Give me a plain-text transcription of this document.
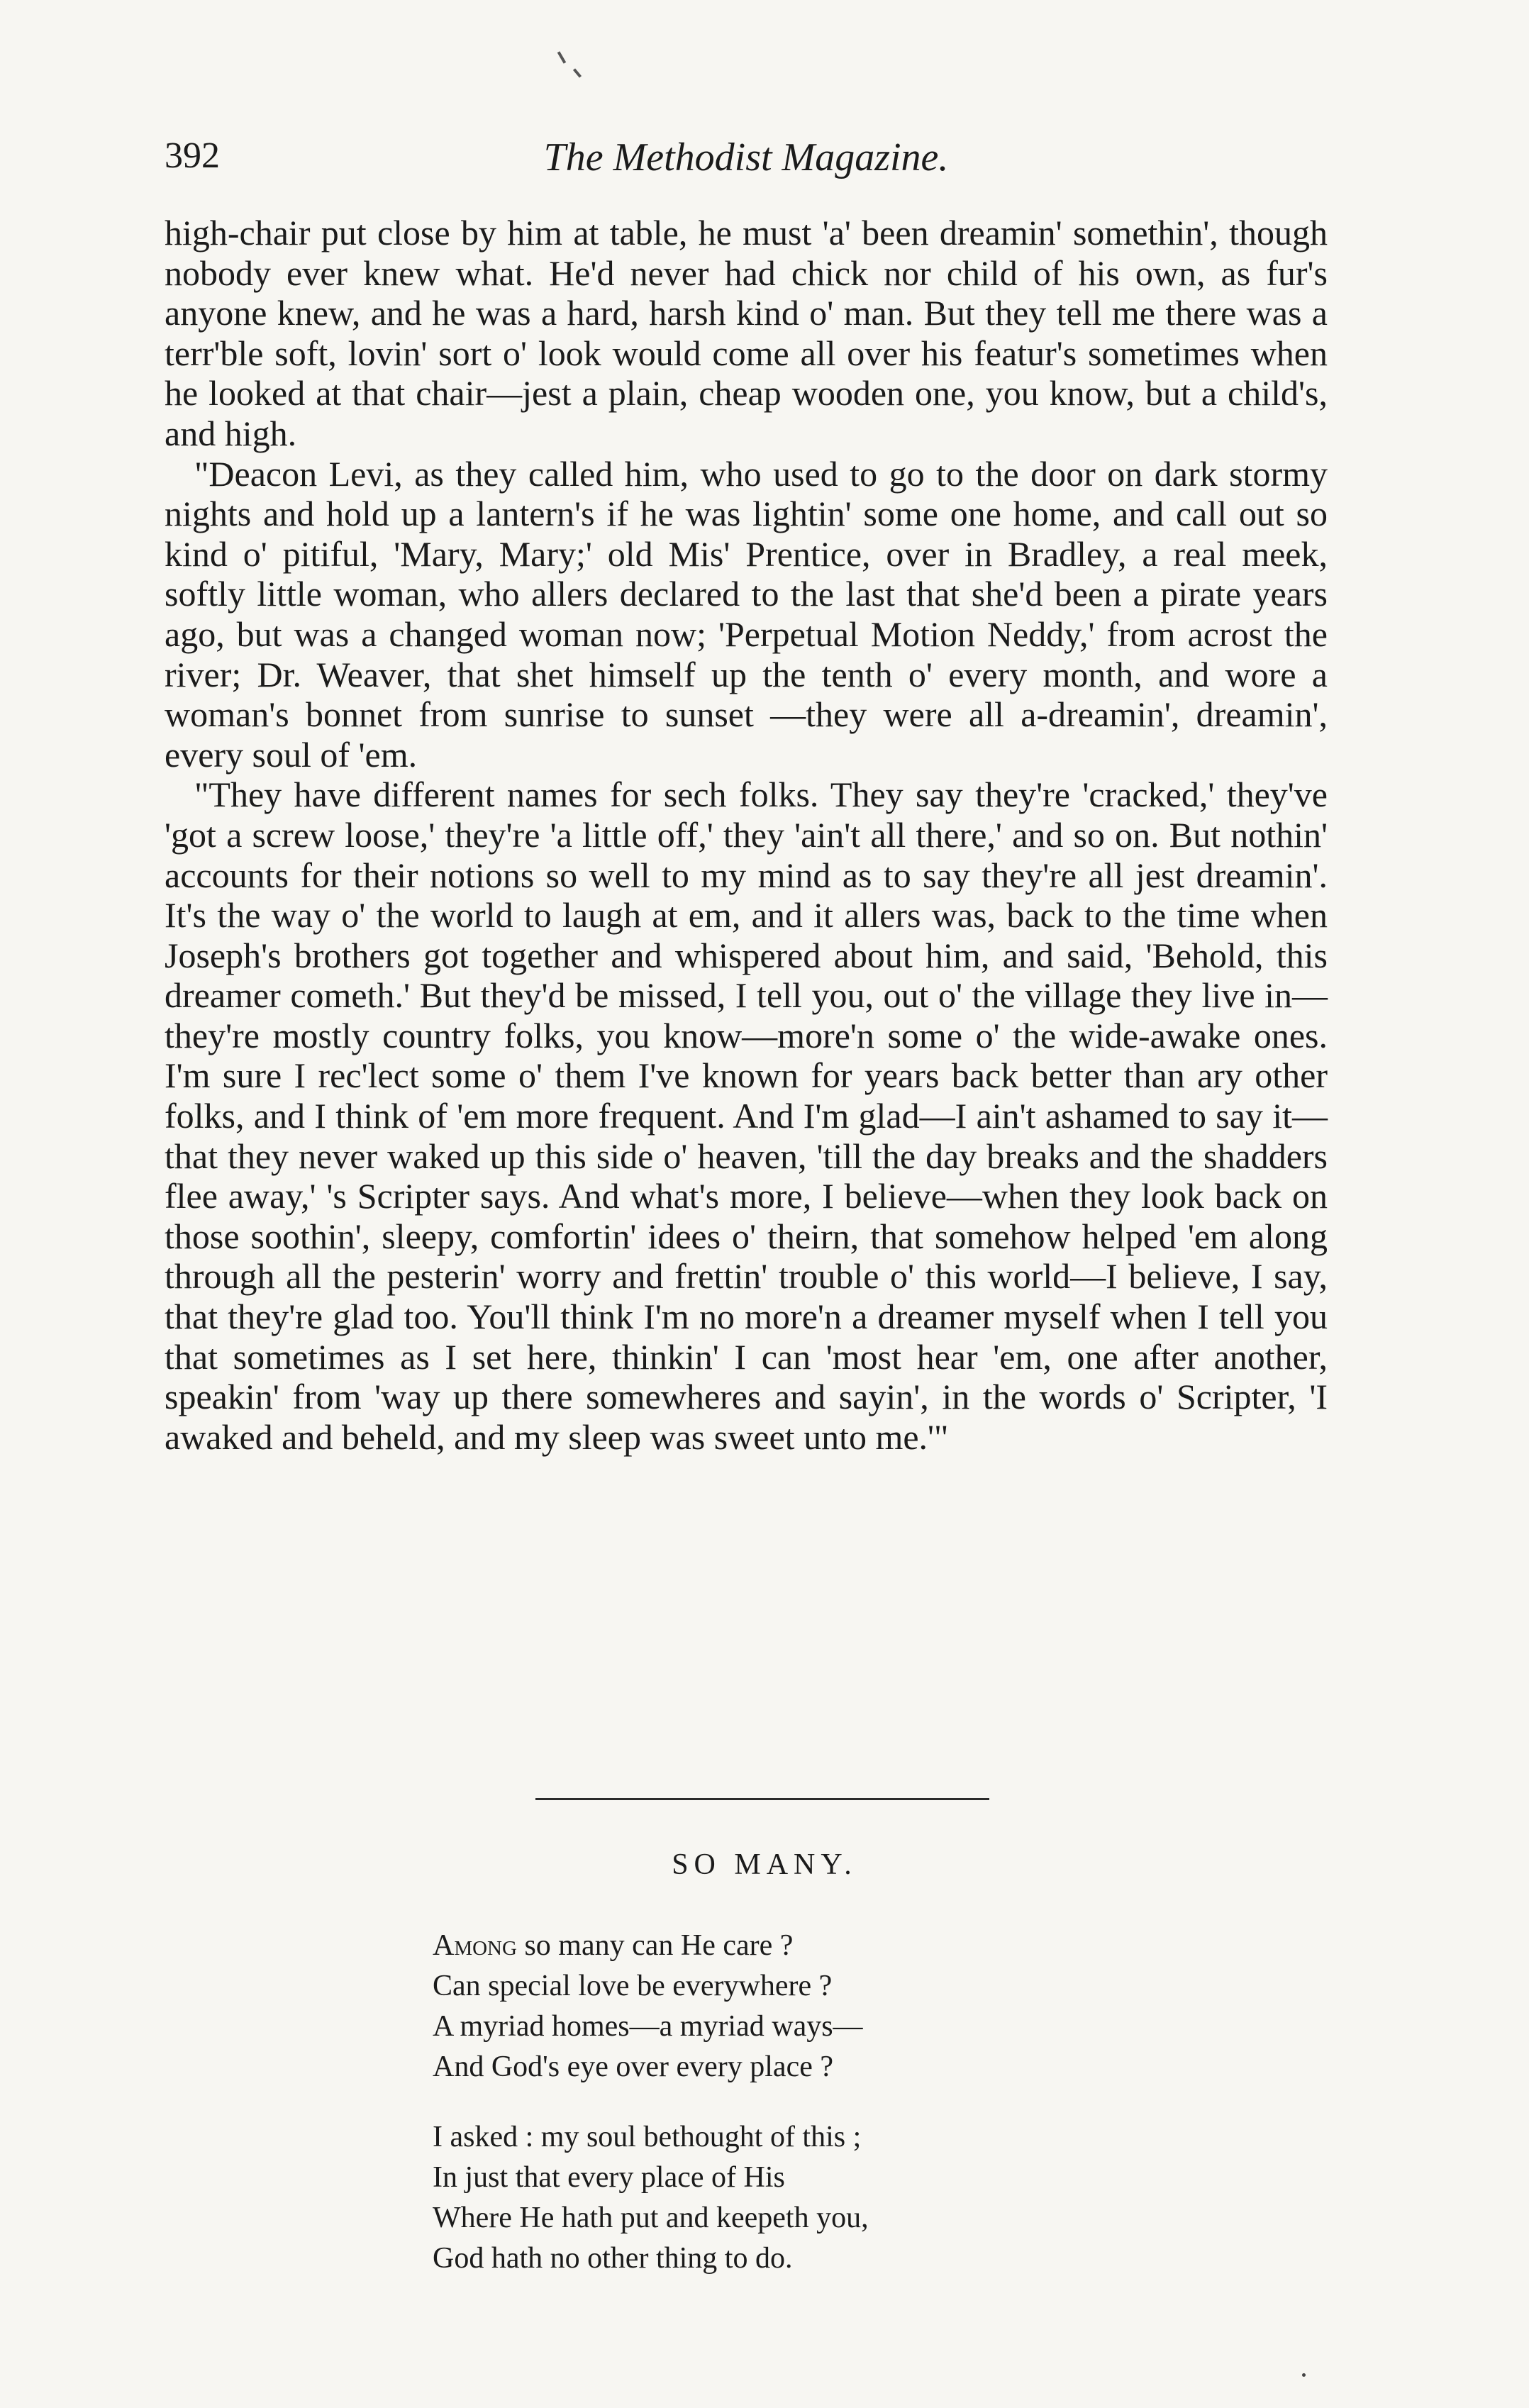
392	The Methodist Magazine.

high-chair put close by him at table, he must 'a' been dreamin' somethin', though nobody ever knew what. He'd never had chick nor child of his own, as fur's anyone knew, and he was a hard, harsh kind o' man. But they tell me there was a terr'ble soft, lovin' sort o' look would come all over his featur's sometimes when he looked at that chair—jest a plain, cheap wooden one, you know, but a child's, and high.

"Deacon Levi, as they called him, who used to go to the door on dark stormy nights and hold up a lantern's if he was lightin' some one home, and call out so kind o' pitiful, 'Mary, Mary;' old Mis' Prentice, over in Bradley, a real meek, softly little woman, who allers declared to the last that she'd been a pirate years ago, but was a changed woman now; 'Perpetual Motion Neddy,' from acrost the river; Dr. Weaver, that shet himself up the tenth o' every month, and wore a woman's bonnet from sunrise to sunset —they were all a-dreamin', dreamin', every soul of 'em.

"They have different names for sech folks. They say they're 'cracked,' they've 'got a screw loose,' they're 'a little off,' they 'ain't all there,' and so on. But nothin' accounts for their notions so well to my mind as to say they're all jest dreamin'. It's the way o' the world to laugh at em, and it allers was, back to the time when Joseph's brothers got together and whispered about him, and said, 'Behold, this dreamer cometh.' But they'd be missed, I tell you, out o' the village they live in—they're mostly country folks, you know—more'n some o' the wide-awake ones. I'm sure I rec'lect some o' them I've known for years back better than ary other folks, and I think of 'em more frequent. And I'm glad—I ain't ashamed to say it—that they never waked up this side o' heaven, 'till the day breaks and the shadders flee away,' 's Scripter says. And what's more, I believe—when they look back on those soothin', sleepy, comfortin' idees o' theirn, that somehow helped 'em along through all the pesterin' worry and frettin' trouble o' this world—I believe, I say, that they're glad too. You'll think I'm no more'n a dreamer myself when I tell you that sometimes as I set here, thinkin' I can 'most hear 'em, one after another, speakin' from 'way up there somewheres and sayin', in the words o' Scripter, 'I awaked and beheld, and my sleep was sweet unto me.'"

SO MANY.
Among so many can He care ?
Can special love be everywhere ?
A myriad homes—a myriad ways—
And God's eye over every place ?
I asked : my soul bethought of this ;
In just that every place of His
Where He hath put and keepeth you,
God hath no other thing to do.
